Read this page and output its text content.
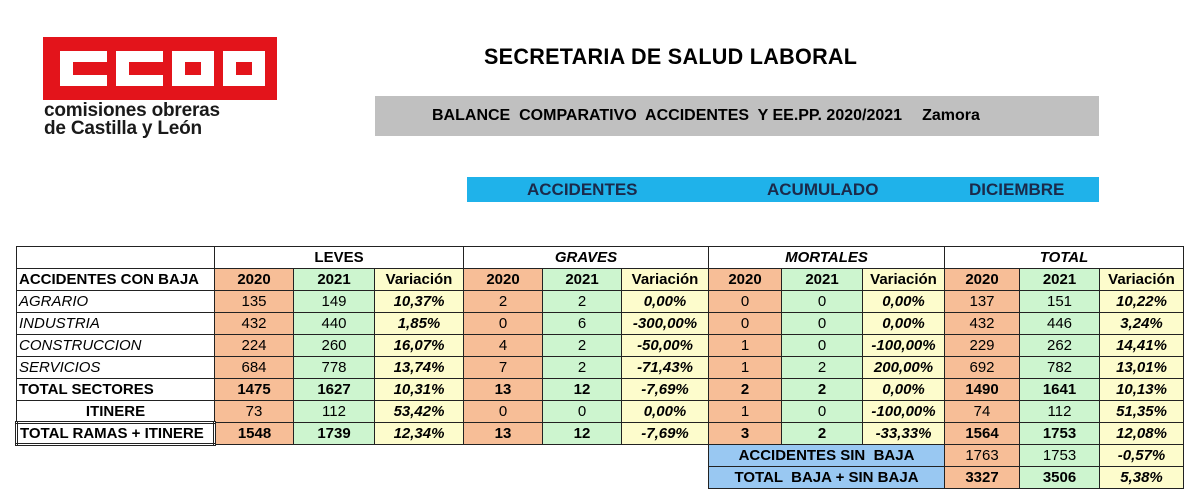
comisiones obreras
de Castilla y León
SECRETARIA DE SALUD LABORAL
BALANCE  COMPARATIVO  ACCIDENTES  Y EE.PP. 2020/2021 Zamora
ACCIDENTES	ACUMULADO	DICIEMBRE
	LEVES			GRAVES			MORTALES			TOTAL		
ACCIDENTES CON BAJA	2020	2021	Variación	2020	2021	Variación	2020	2021	Variación	2020	2021	Variación
AGRARIO	135	149	10,37%	2	2	0,00%	0	0	0,00%	137	151	10,22%
INDUSTRIA	432	440	1,85%	0	6	-300,00%	0	0	0,00%	432	446	3,24%
CONSTRUCCION	224	260	16,07%	4	2	-50,00%	1	0	-100,00%	229	262	14,41%
SERVICIOS	684	778	13,74%	7	2	-71,43%	1	2	200,00%	692	782	13,01%
TOTAL SECTORES	1475	1627	10,31%	13	12	-7,69%	2	2	0,00%	1490	1641	10,13%
ITINERE	73	112	53,42%	0	0	0,00%	1	0	-100,00%	74	112	51,35%
TOTAL RAMAS + ITINERE	1548	1739	12,34%	13	12	-7,69%	3	2	-33,33%	1564	1753	12,08%
							ACCIDENTES SIN  BAJA			1763	1753	-0,57%
							TOTAL  BAJA + SIN BAJA			3327	3506	5,38%
